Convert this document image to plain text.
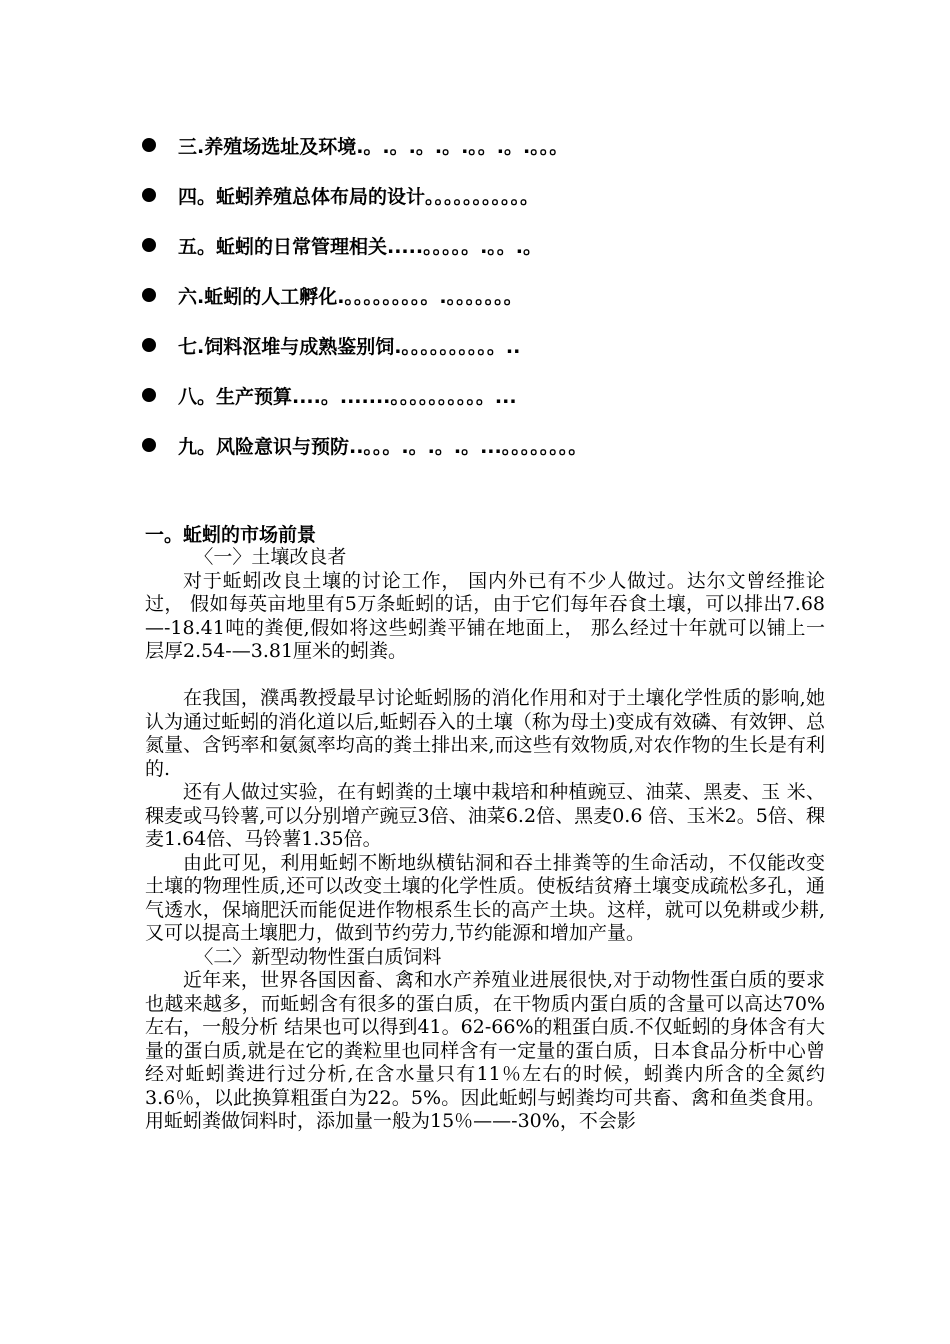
三.养殖场选址及环境.。.。.。.。.。。.。.。。。
四。蚯蚓养殖总体布局的设计。。。。。。。。。。。
五。蚯蚓的日常管理相关.....。。。。。.。。.。
六.蚯蚓的人工孵化.。。。。。。。。。.。。。。。。。
七.饲料沤堆与成熟鉴别饲.。。。。。。。。。。..
八。生产预算....。.......。。。。。。。。。。...
九。风险意识与预防..。。。.。.。.。...。。。。。。。。
一。蚯蚓的市场前景

〈一〉土壤改良者

对于蚯蚓改良土壤的讨论工作， 国内外已有不少人做过。达尔文曾经推论过， 假如每英亩地里有5万条蚯蚓的话，由于它们每年吞食土壤，可以排出7.68—-18.41吨的粪便,假如将这些蚓粪平铺在地面上， 那么经过十年就可以铺上一层厚2.54-—3.81厘米的蚓粪。

在我国，濮禹教授最早讨论蚯蚓肠的消化作用和对于土壤化学性质的影响,她认为通过蚯蚓的消化道以后,蚯蚓吞入的土壤（称为母土)变成有效磷、有效钾、总氮量、含钙率和氨氮率均高的粪土排出来,而这些有效物质,对农作物的生长是有利的.

还有人做过实验，在有蚓粪的土壤中栽培和种植豌豆、油菜、黑麦、玉 米、稞麦或马铃薯,可以分别增产豌豆3倍、油菜6.2倍、黑麦0.6 倍、玉米2。5倍、稞麦1.64倍、马铃薯1.35倍。

由此可见，利用蚯蚓不断地纵横钻洞和吞土排粪等的生命活动，不仅能改变土壤的物理性质,还可以改变土壤的化学性质。使板结贫瘠土壤变成疏松多孔，通气透水，保墒肥沃而能促进作物根系生长的高产土块。这样，就可以免耕或少耕,又可以提高土壤肥力，做到节约劳力,节约能源和增加产量。

〈二〉新型动物性蛋白质饲料

近年来，世界各国因畜、禽和水产养殖业进展很快,对于动物性蛋白质的要求也越来越多，而蚯蚓含有很多的蛋白质，在干物质内蛋白质的含量可以高达70%左右，一般分析 结果也可以得到41。62-66%的粗蛋白质.不仅蚯蚓的身体含有大量的蛋白质,就是在它的粪粒里也同样含有一定量的蛋白质，日本食品分析中心曾经对蚯蚓粪进行过分析,在含水量只有11％左右的时候，蚓粪内所含的全氮约3.6％，以此换算粗蛋白为22。5%。因此蚯蚓与蚓粪均可共畜、禽和鱼类食用。用蚯蚓粪做饲料时，添加量一般为15％——-30%，不会影
